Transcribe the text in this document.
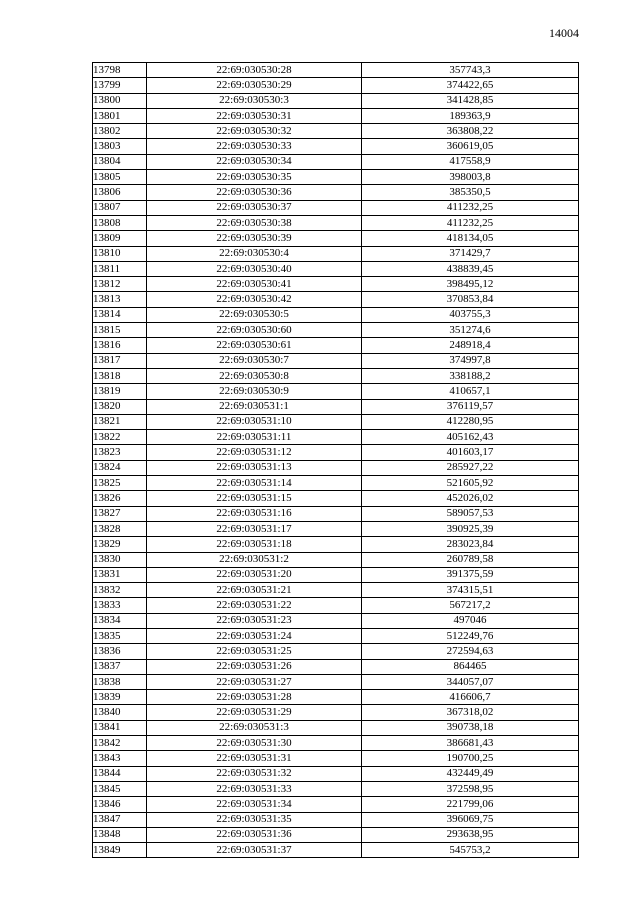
14004
13798	22:69:030530:28	357743,3
13799	22:69:030530:29	374422,65
13800	22:69:030530:3	341428,85
13801	22:69:030530:31	189363,9
13802	22:69:030530:32	363808,22
13803	22:69:030530:33	360619,05
13804	22:69:030530:34	417558,9
13805	22:69:030530:35	398003,8
13806	22:69:030530:36	385350,5
13807	22:69:030530:37	411232,25
13808	22:69:030530:38	411232,25
13809	22:69:030530:39	418134,05
13810	22:69:030530:4	371429,7
13811	22:69:030530:40	438839,45
13812	22:69:030530:41	398495,12
13813	22:69:030530:42	370853,84
13814	22:69:030530:5	403755,3
13815	22:69:030530:60	351274,6
13816	22:69:030530:61	248918,4
13817	22:69:030530:7	374997,8
13818	22:69:030530:8	338188,2
13819	22:69:030530:9	410657,1
13820	22:69:030531:1	376119,57
13821	22:69:030531:10	412280,95
13822	22:69:030531:11	405162,43
13823	22:69:030531:12	401603,17
13824	22:69:030531:13	285927,22
13825	22:69:030531:14	521605,92
13826	22:69:030531:15	452026,02
13827	22:69:030531:16	589057,53
13828	22:69:030531:17	390925,39
13829	22:69:030531:18	283023,84
13830	22:69:030531:2	260789,58
13831	22:69:030531:20	391375,59
13832	22:69:030531:21	374315,51
13833	22:69:030531:22	567217,2
13834	22:69:030531:23	497046
13835	22:69:030531:24	512249,76
13836	22:69:030531:25	272594,63
13837	22:69:030531:26	864465
13838	22:69:030531:27	344057,07
13839	22:69:030531:28	416606,7
13840	22:69:030531:29	367318,02
13841	22:69:030531:3	390738,18
13842	22:69:030531:30	386681,43
13843	22:69:030531:31	190700,25
13844	22:69:030531:32	432449,49
13845	22:69:030531:33	372598,95
13846	22:69:030531:34	221799,06
13847	22:69:030531:35	396069,75
13848	22:69:030531:36	293638,95
13849	22:69:030531:37	545753,2
